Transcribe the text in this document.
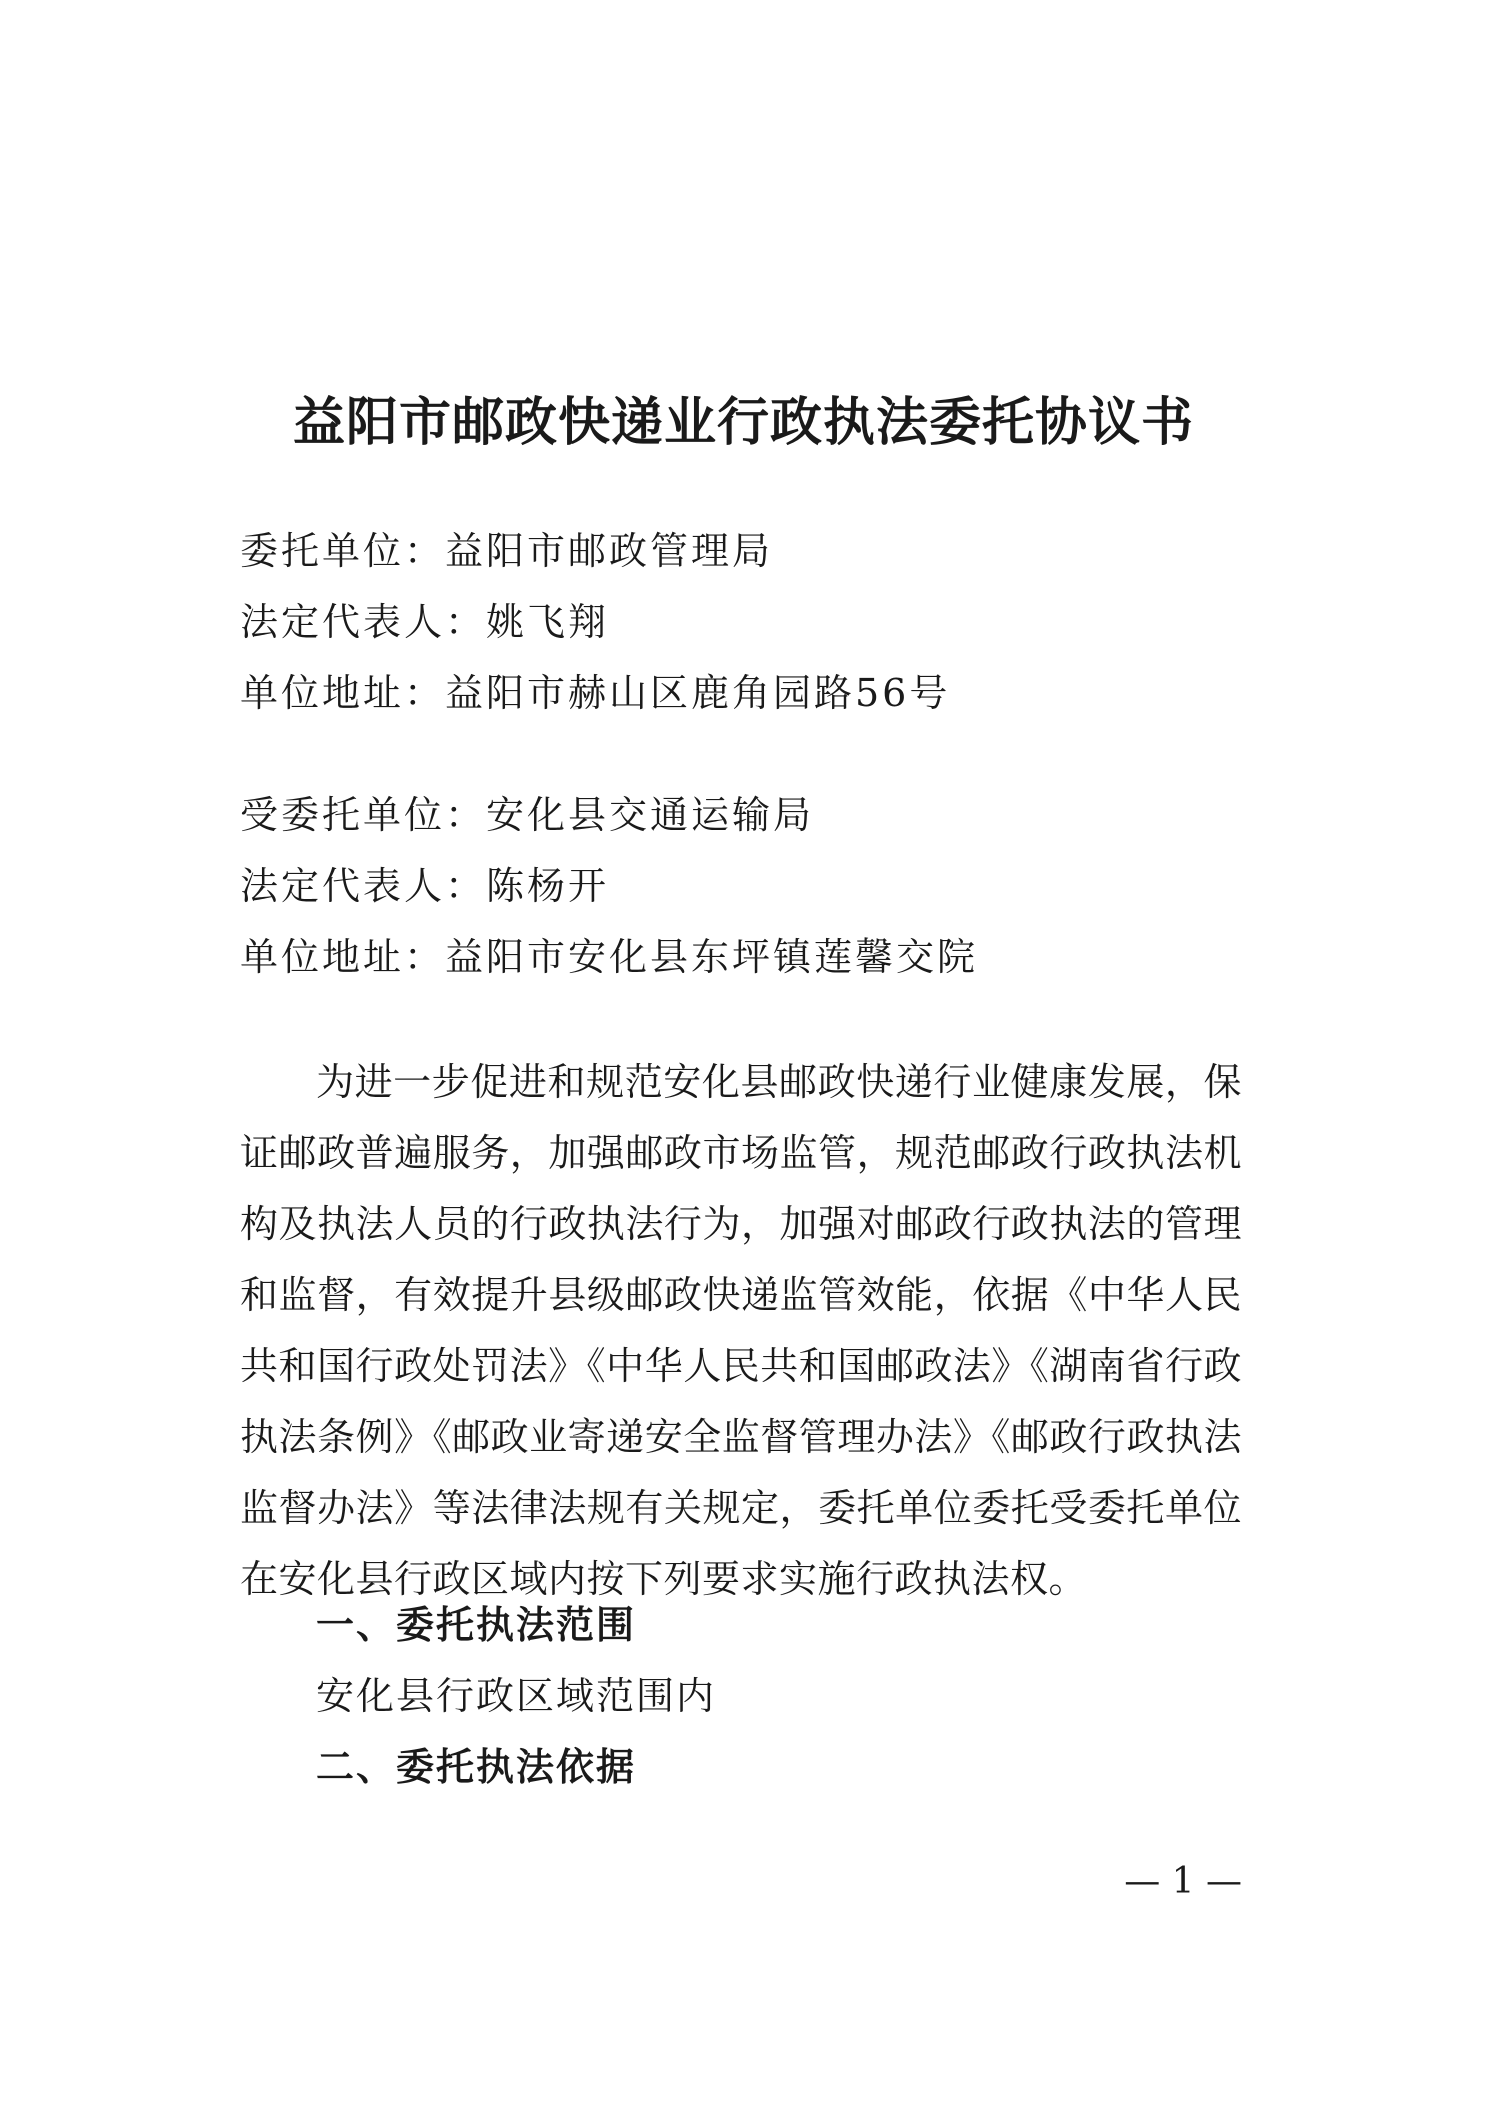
益阳市邮政快递业行政执法委托协议书
委托单位：益阳市邮政管理局
法定代表人：姚飞翔
单位地址：益阳市赫山区鹿角园路56号
受委托单位：安化县交通运输局
法定代表人：陈杨开
单位地址：益阳市安化县东坪镇莲馨交院
为进一步促进和规范安化县邮政快递行业健康发展，保证邮政普遍服务，加强邮政市场监管，规范邮政行政执法机构及执法人员的行政执法行为，加强对邮政行政执法的管理和监督，有效提升县级邮政快递监管效能，依据《中华人民共和国行政处罚法》《中华人民共和国邮政法》《湖南省行政执法条例》《邮政业寄递安全监督管理办法》《邮政行政执法监督办法》等法律法规有关规定，委托单位委托受委托单位在安化县行政区域内按下列要求实施行政执法权。
一、委托执法范围
安化县行政区域范围内
二、委托执法依据
— 1 —
